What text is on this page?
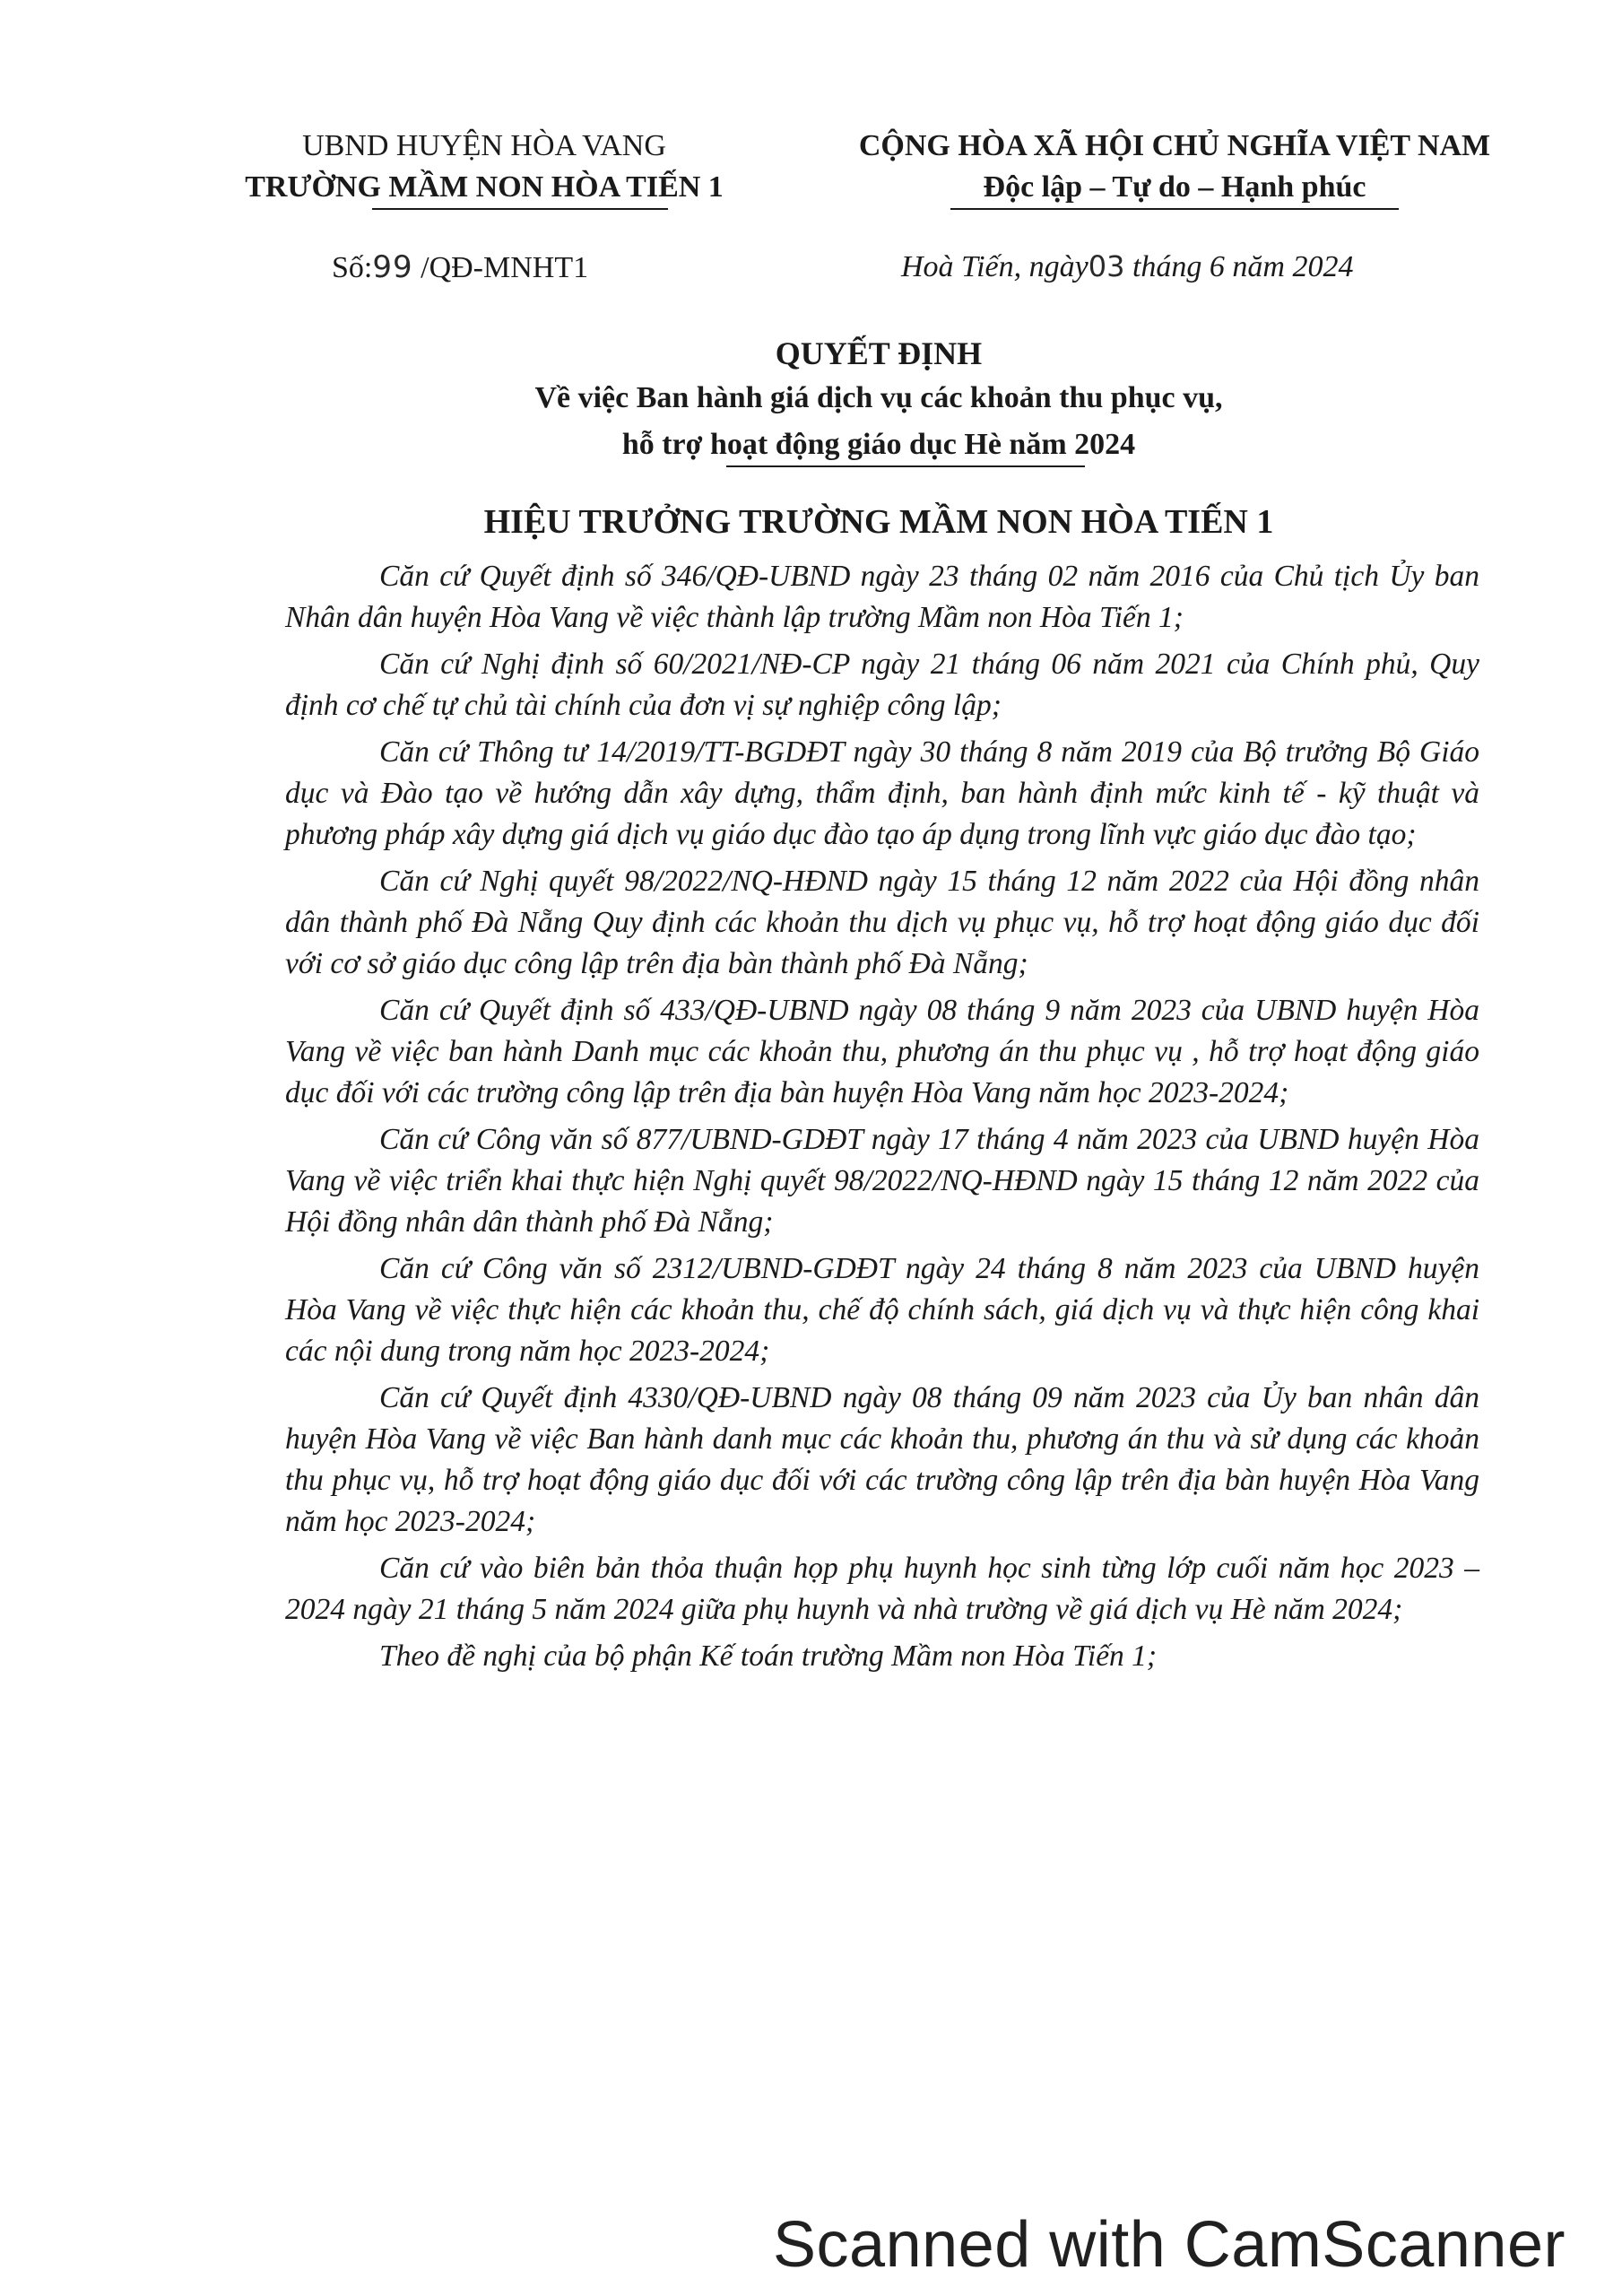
UBND HUYỆN HÒA VANG
TRƯỜNG MẦM NON HÒA TIẾN 1
CỘNG HÒA XÃ HỘI CHỦ NGHĨA VIỆT NAM
Độc lập – Tự do – Hạnh phúc
Số:99 /QĐ-MNHT1	Hoà Tiến, ngày03 tháng 6 năm 2024
QUYẾT ĐỊNH
Về việc Ban hành giá dịch vụ các khoản thu phục vụ,
hỗ trợ hoạt động giáo dục Hè năm 2024
HIỆU TRƯỞNG TRƯỜNG MẦM NON HÒA TIẾN 1

Căn cứ Quyết định số 346/QĐ-UBND ngày 23 tháng 02 năm 2016 của Chủ tịch Ủy ban Nhân dân huyện Hòa Vang về việc thành lập trường Mầm non Hòa Tiến 1;

Căn cứ Nghị định số 60/2021/NĐ-CP ngày 21 tháng 06 năm 2021 của Chính phủ, Quy định cơ chế tự chủ tài chính của đơn vị sự nghiệp công lập;

Căn cứ Thông tư 14/2019/TT-BGDĐT ngày 30 tháng 8 năm 2019 của Bộ trưởng Bộ Giáo dục và Đào tạo về hướng dẫn xây dựng, thẩm định, ban hành định mức kinh tế - kỹ thuật và phương pháp xây dựng giá dịch vụ giáo dục đào tạo áp dụng trong lĩnh vực giáo dục đào tạo;

Căn cứ Nghị quyết 98/2022/NQ-HĐND ngày 15 tháng 12 năm 2022 của Hội đồng nhân dân thành phố Đà Nẵng Quy định các khoản thu dịch vụ phục vụ, hỗ trợ hoạt động giáo dục đối với cơ sở giáo dục công lập trên địa bàn thành phố Đà Nẵng;

Căn cứ Quyết định số 433/QĐ-UBND ngày 08 tháng 9 năm 2023 của UBND huyện Hòa Vang về việc ban hành Danh mục các khoản thu, phương án thu phục vụ , hỗ trợ hoạt động giáo dục đối với các trường công lập trên địa bàn huyện Hòa Vang năm học 2023-2024;

Căn cứ Công văn số 877/UBND-GDĐT ngày 17 tháng 4 năm 2023 của UBND huyện Hòa Vang về việc triển khai thực hiện Nghị quyết 98/2022/NQ-HĐND ngày 15 tháng 12 năm 2022 của Hội đồng nhân dân thành phố Đà Nẵng;

Căn cứ Công văn số 2312/UBND-GDĐT ngày 24 tháng 8 năm 2023 của UBND huyện Hòa Vang về việc thực hiện các khoản thu, chế độ chính sách, giá dịch vụ và thực hiện công khai các nội dung trong năm học 2023-2024;

Căn cứ Quyết định 4330/QĐ-UBND ngày 08 tháng 09 năm 2023 của Ủy ban nhân dân huyện Hòa Vang về việc Ban hành danh mục các khoản thu, phương án thu và sử dụng các khoản thu phục vụ, hỗ trợ hoạt động giáo dục đối với các trường công lập trên địa bàn huyện Hòa Vang năm học 2023-2024;

Căn cứ vào biên bản thỏa thuận họp phụ huynh học sinh từng lớp cuối năm học 2023 – 2024 ngày 21 tháng 5 năm 2024 giữa phụ huynh và nhà trường về giá dịch vụ Hè năm 2024;

Theo đề nghị của bộ phận Kế toán trường Mầm non Hòa Tiến 1;

Scanned with CamScanner
